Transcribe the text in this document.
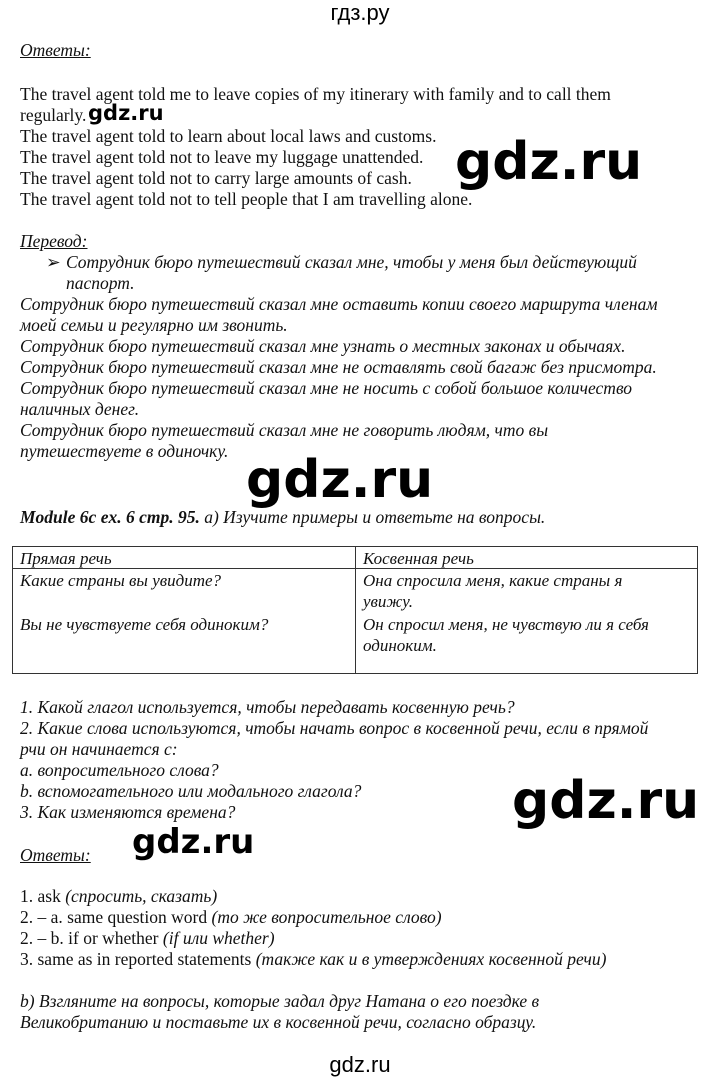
гдз.ру
Ответы:
The travel agent told me to leave copies of my itinerary with family and to call them
regularly.
The travel agent told to learn about local laws and customs.
The travel agent told not to leave my luggage unattended.
The travel agent told not to carry large amounts of cash.
The travel agent told not to tell people that I am travelling alone.
Перевод:
➢ Сотрудник бюро путешествий сказал мне, чтобы у меня был действующий
паспорт.
Сотрудник бюро путешествий сказал мне оставить копии своего маршрута членам
моей семьи и регулярно им звонить.
Сотрудник бюро путешествий сказал мне узнать о местных законах и обычаях.
Сотрудник бюро путешествий сказал мне не оставлять свой багаж без присмотра.
Сотрудник бюро путешествий сказал мне не носить с собой большое количество
наличных денег.
Сотрудник бюро путешествий сказал мне не говорить людям, что вы
путешествуете в одиночку.
Module 6c ex. 6 стр. 95. a) Изучите примеры и ответьте на вопросы.
Прямая речь	Косвенная речь
Какие страны вы увидите?
Вы не чувствуете себя одиноким?
Она спросила меня, какие страны я
увижу.
Он спросил меня, не чувствую ли я себя
одиноким.
1. Какой глагол используется, чтобы передавать косвенную речь?
2. Какие слова используются, чтобы начать вопрос в косвенной речи, если в прямой
рчи он начинается с:
a. вопросительного слова?
b. вспомогательного или модального глагола?
3. Как изменяются времена?
Ответы:
1. ask (спросить, сказать)
2. – a. same question word (то же вопросительное слово)
2. – b. if or whether (if или whether)
3. same as in reported statements (также как и в утверждениях косвенной речи)
b) Взгляните на вопросы, которые задал друг Натана о его поездке в
Великобританию и поставьте их в косвенной речи, согласно образцу.
gdz.ru
gdz.ru
gdz.ru
gdz.ru
gdz.ru
gdz.ru
